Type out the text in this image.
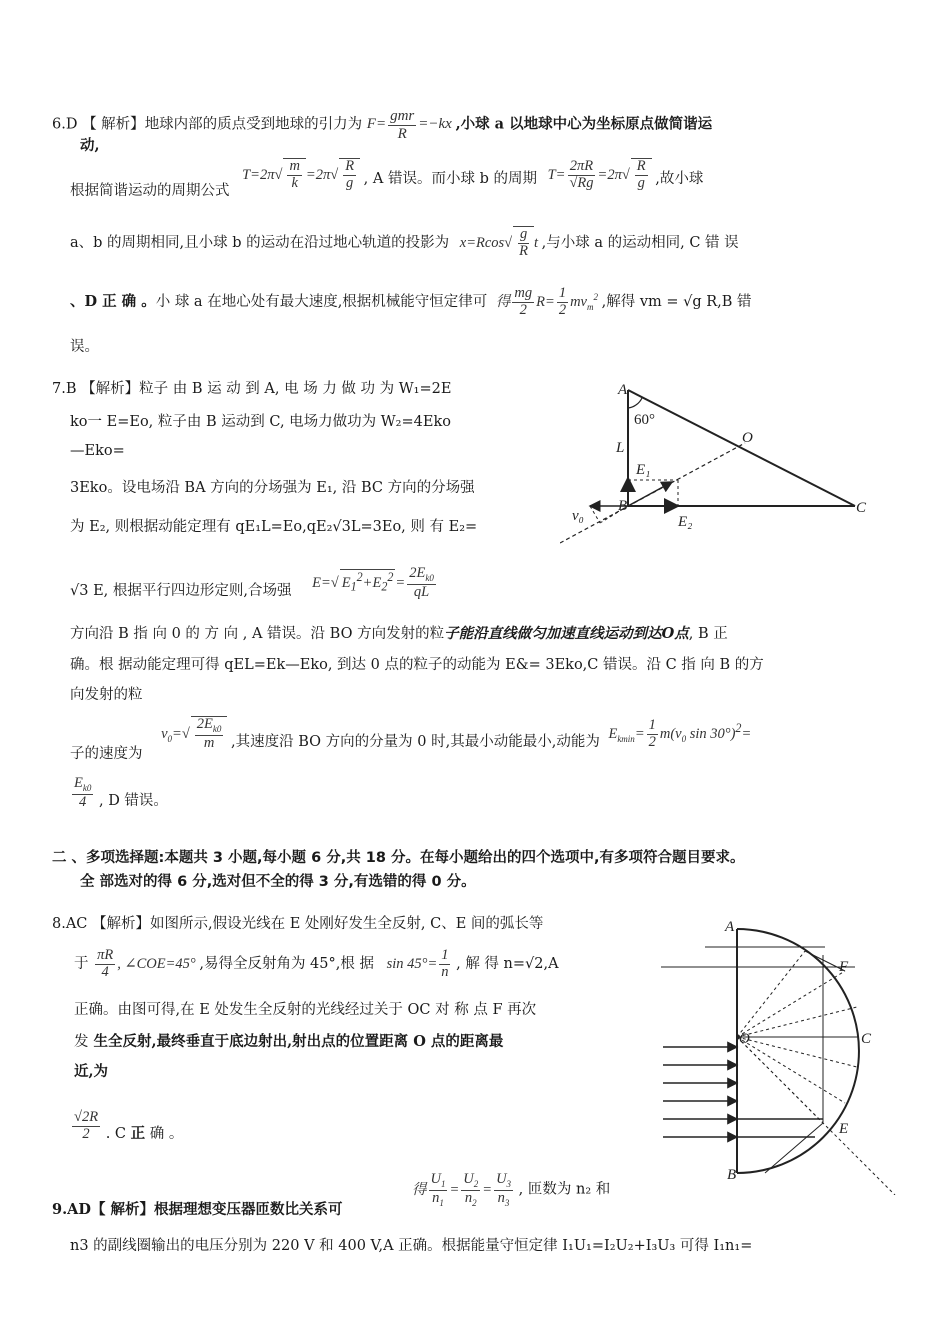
6.D 【 解析】地球内部的质点受到地球的引力为 $F= \frac{\text{gmr}}{R} =-kx$ ,小球 a 以地球中心为坐标原点做简谐运
动,
根据简谐运动的周期公式 $T=2\pi√ \frac{m}{k} =2\pi√ \frac{R}{g}$ , A 错误。而小球 b 的周期 $T= \frac{2\pi R}{√Rg} =2\pi√ \frac{R}{g}$ ,故小球
a、b 的周期相同,且小球 b 的运动在沿过地心轨道的投影为 $x=Rcos√ \frac{g}{R}$ t ,与小球 a 的运动相同, C 错 误
、D 正 确 。小 球 a 在地心处有最大速度,根据机械能守恒定律可 得 $\frac{mg}{2} R= \frac{1}{2} mv_m^2$ ,解得 vm = √g R,B 错
误。
7.B 【解析】粒子 由 B 运 动 到 A, 电 场 力 做 功 为 W₁=2E
ko一 E=Eo, 粒子由 B 运动到 C, 电场力做功为 W₂=4Eko
—Eko=
3Eko。设电场沿 BA 方向的分场强为 E₁, 沿 BC 方向的分场强
为 E₂, 则根据动能定理有 qE₁L=Eo,qE₂√3L=3Eo, 则 有 E₂=
√3 E, 根据平行四边形定则,合场强 E=√ $E_1^2+E_2^2 = \frac{2E_{k0}}{qL}$
方向沿 B 指 向 0 的 方 向 , A 错误。沿 BO 方向发射的粒子能沿直线做匀加速直线运动到达O点, B 正
确。根 据动能定理可得 qEL=Ek—Eko, 到达 0 点的粒子的动能为 E&= 3Eko,C 错误。沿 C 指 向 B 的方
向发射的粒
子的速度为 $v_0=√ \frac{2E_{k0}}{m}$ ,其速度沿 BO 方向的分量为 0 时,其最小动能最小,动能为 $E_{kmin}= \frac{1}{2} m(v_0$ sin 30°)$^2$=
$\frac{E_{k0}}{4}$ , D 错误。
A
60°
O
L
E₁
B	C
v₀	E₂
二 、多项选择题:本题共 3 小题,每小题 6 分,共 18 分。在每小题给出的四个选项中,有多项符合题目要求。
全 部选对的得 6 分,选对但不全的得 3 分,有选错的得 0 分。
8.AC 【解析】如图所示,假设光线在 E 处刚好发生全反射, C、E 间的弧长等
于 $\frac{\pi R}{4}$ , ∠COE=45° ,易得全反射角为 45°,根 据 $\sin 45^\circ= \frac{1}{n}$ , 解 得 n=√2,A
正确。由图可得,在 E 处发生全反射的光线经过关于 OC 对 称 点 F 再次
发 生全反射,最终垂直于底边射出,射出点的位置距离 O 点的距离最
近,为
$\frac{√2R}{2}$ . C 正 确 。
A
F
O	C
E
B
得 $\frac{U_1}{n_1} = \frac{U_2}{n_2} = \frac{U_3}{n_3}$ , 匝数为 n₂ 和
9.AD【 解析】根据理想变压器匝数比关系可
n3 的副线圈输出的电压分别为 220 V 和 400 V,A 正确。根据能量守恒定律 I₁U₁=I₂U₂+I₃U₃ 可得 I₁n₁=
